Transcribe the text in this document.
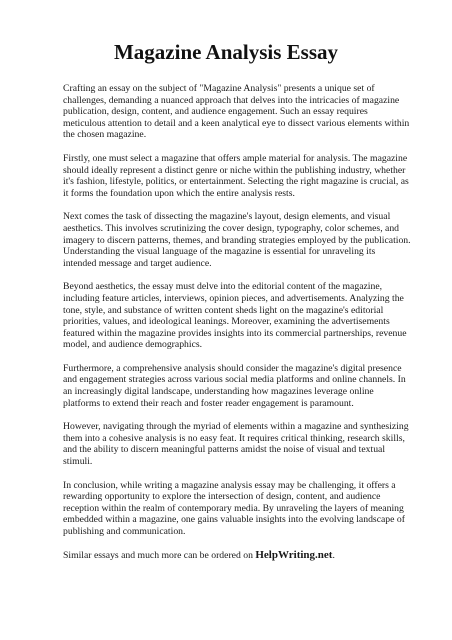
Magazine Analysis Essay

Crafting an essay on the subject of "Magazine Analysis" presents a unique set of challenges, demanding a nuanced approach that delves into the intricacies of magazine publication, design, content, and audience engagement. Such an essay requires meticulous attention to detail and a keen analytical eye to dissect various elements within the chosen magazine.

Firstly, one must select a magazine that offers ample material for analysis. The magazine should ideally represent a distinct genre or niche within the publishing industry, whether it's fashion, lifestyle, politics, or entertainment. Selecting the right magazine is crucial, as it forms the foundation upon which the entire analysis rests.

Next comes the task of dissecting the magazine's layout, design elements, and visual aesthetics. This involves scrutinizing the cover design, typography, color schemes, and imagery to discern patterns, themes, and branding strategies employed by the publication. Understanding the visual language of the magazine is essential for unraveling its intended message and target audience.

Beyond aesthetics, the essay must delve into the editorial content of the magazine, including feature articles, interviews, opinion pieces, and advertisements. Analyzing the tone, style, and substance of written content sheds light on the magazine's editorial priorities, values, and ideological leanings. Moreover, examining the advertisements featured within the magazine provides insights into its commercial partnerships, revenue model, and audience demographics.

Furthermore, a comprehensive analysis should consider the magazine's digital presence and engagement strategies across various social media platforms and online channels. In an increasingly digital landscape, understanding how magazines leverage online platforms to extend their reach and foster reader engagement is paramount.

However, navigating through the myriad of elements within a magazine and synthesizing them into a cohesive analysis is no easy feat. It requires critical thinking, research skills, and the ability to discern meaningful patterns amidst the noise of visual and textual stimuli.

In conclusion, while writing a magazine analysis essay may be challenging, it offers a rewarding opportunity to explore the intersection of design, content, and audience reception within the realm of contemporary media. By unraveling the layers of meaning embedded within a magazine, one gains valuable insights into the evolving landscape of publishing and communication.

Similar essays and much more can be ordered on HelpWriting.net.
